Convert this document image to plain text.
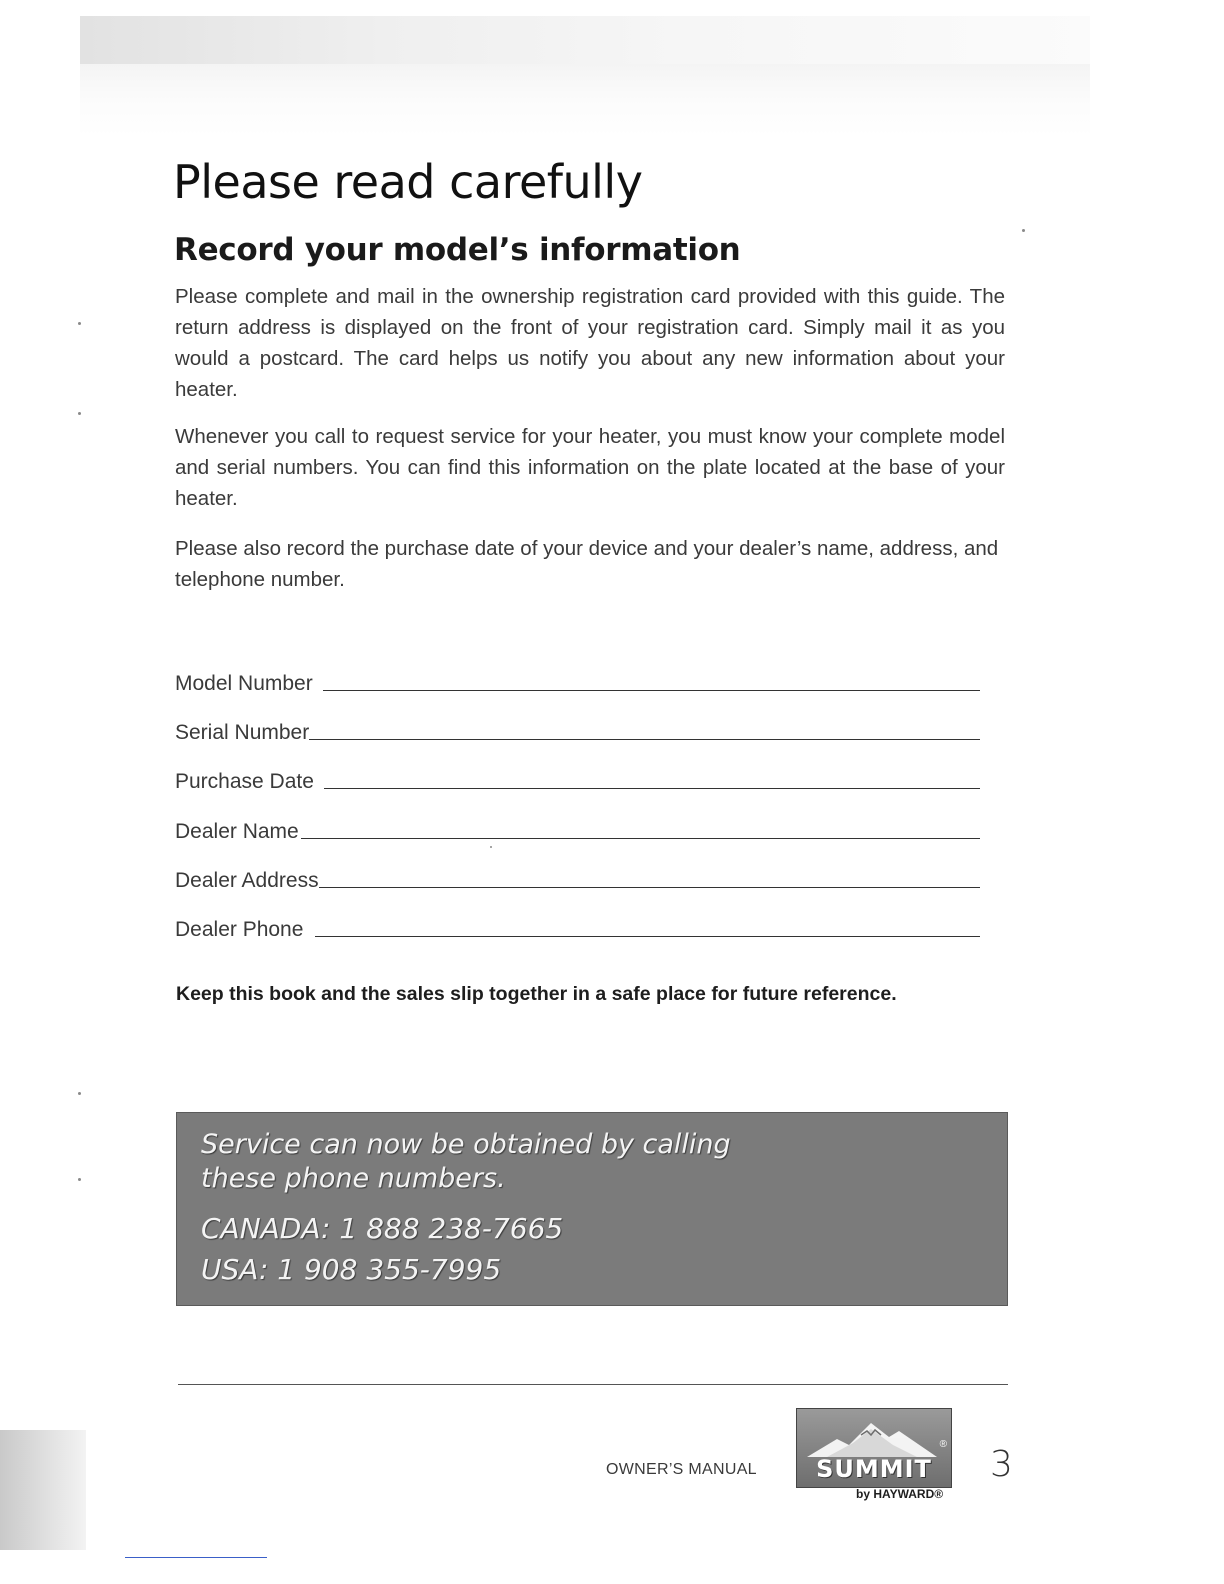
Please read carefully
Record your model’s information

Please complete and mail in the ownership registration card provided with this guide. The return address is displayed on the front of your registration card. Simply mail it as you would a postcard. The card helps us notify you about any new information about your heater.

Whenever you call to request service for your heater, you must know your complete model and serial numbers. You can find this information on the plate located at the base of your heater.

Please also record the purchase date of your device and your dealer’s name, address, and telephone number.

Model Number
Serial Number
Purchase Date
Dealer Name
Dealer Address
Dealer Phone

Keep this book and the sales slip together in a safe place for future reference.

Service can now be obtained by calling
these phone numbers.
CANADA: 1 888 238-7665
USA: 1 908 355-7995
OWNER’S MANUAL
®
SUMMIT
by HAYWARD®
3
